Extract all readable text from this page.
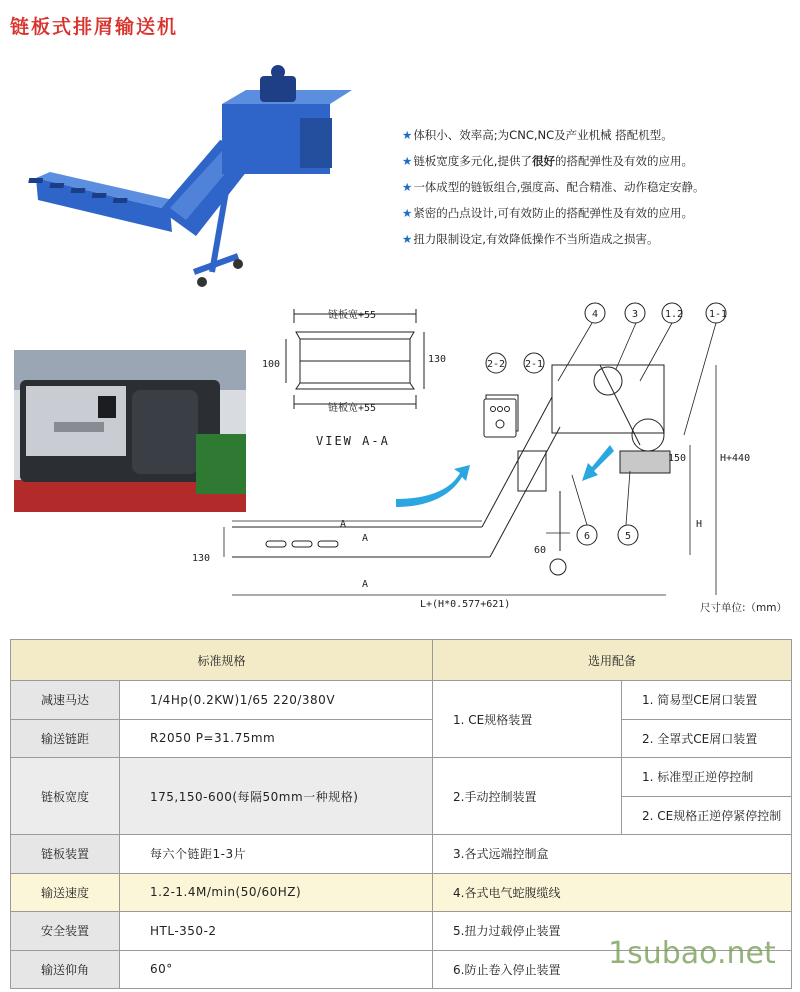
链板式排屑输送机
★体积小、效率高;为CNC,NC及产业机械 搭配机型。
★链板宽度多元化,提供了很好的搭配弹性及有效的应用。
★一体成型的链钣组合,强度高、配合精准、动作稳定安静。
★紧密的凸点设计,可有效防止的搭配弹性及有效的应用。
★扭力限制设定,有效降低操作不当所造成之损害。
链板宽+55
链板宽+55
100	130
VIEW A-A
4	3	1.2	1-1
2-2 2-1
6	5
150	H+440
H
A
A
A
130
60
L+(H*0.577+621)	尺寸单位:（mm）
标准规格		选用配备	
减速马达	1/4Hp(0.2KW)1/65 220/380V	1. CE规格装置	1. 简易型CE屑口装置
输送链距	R2050 P=31.75mm		2. 全罩式CE屑口装置
链板宽度	175,150-600(每隔50mm一种规格)	2.手动控制装置	1. 标准型正逆停控制
			2. CE规格正逆停紧停控制
链板装置	每六个链距1-3片	3.各式远端控制盒	
输送速度	1.2-1.4M/min(50/60HZ)	4.各式电气蛇腹缆线	
安全装置	HTL-350-2	5.扭力过载停止装置	
输送仰角	60°	6.防止卷入停止装置	1subao.net
